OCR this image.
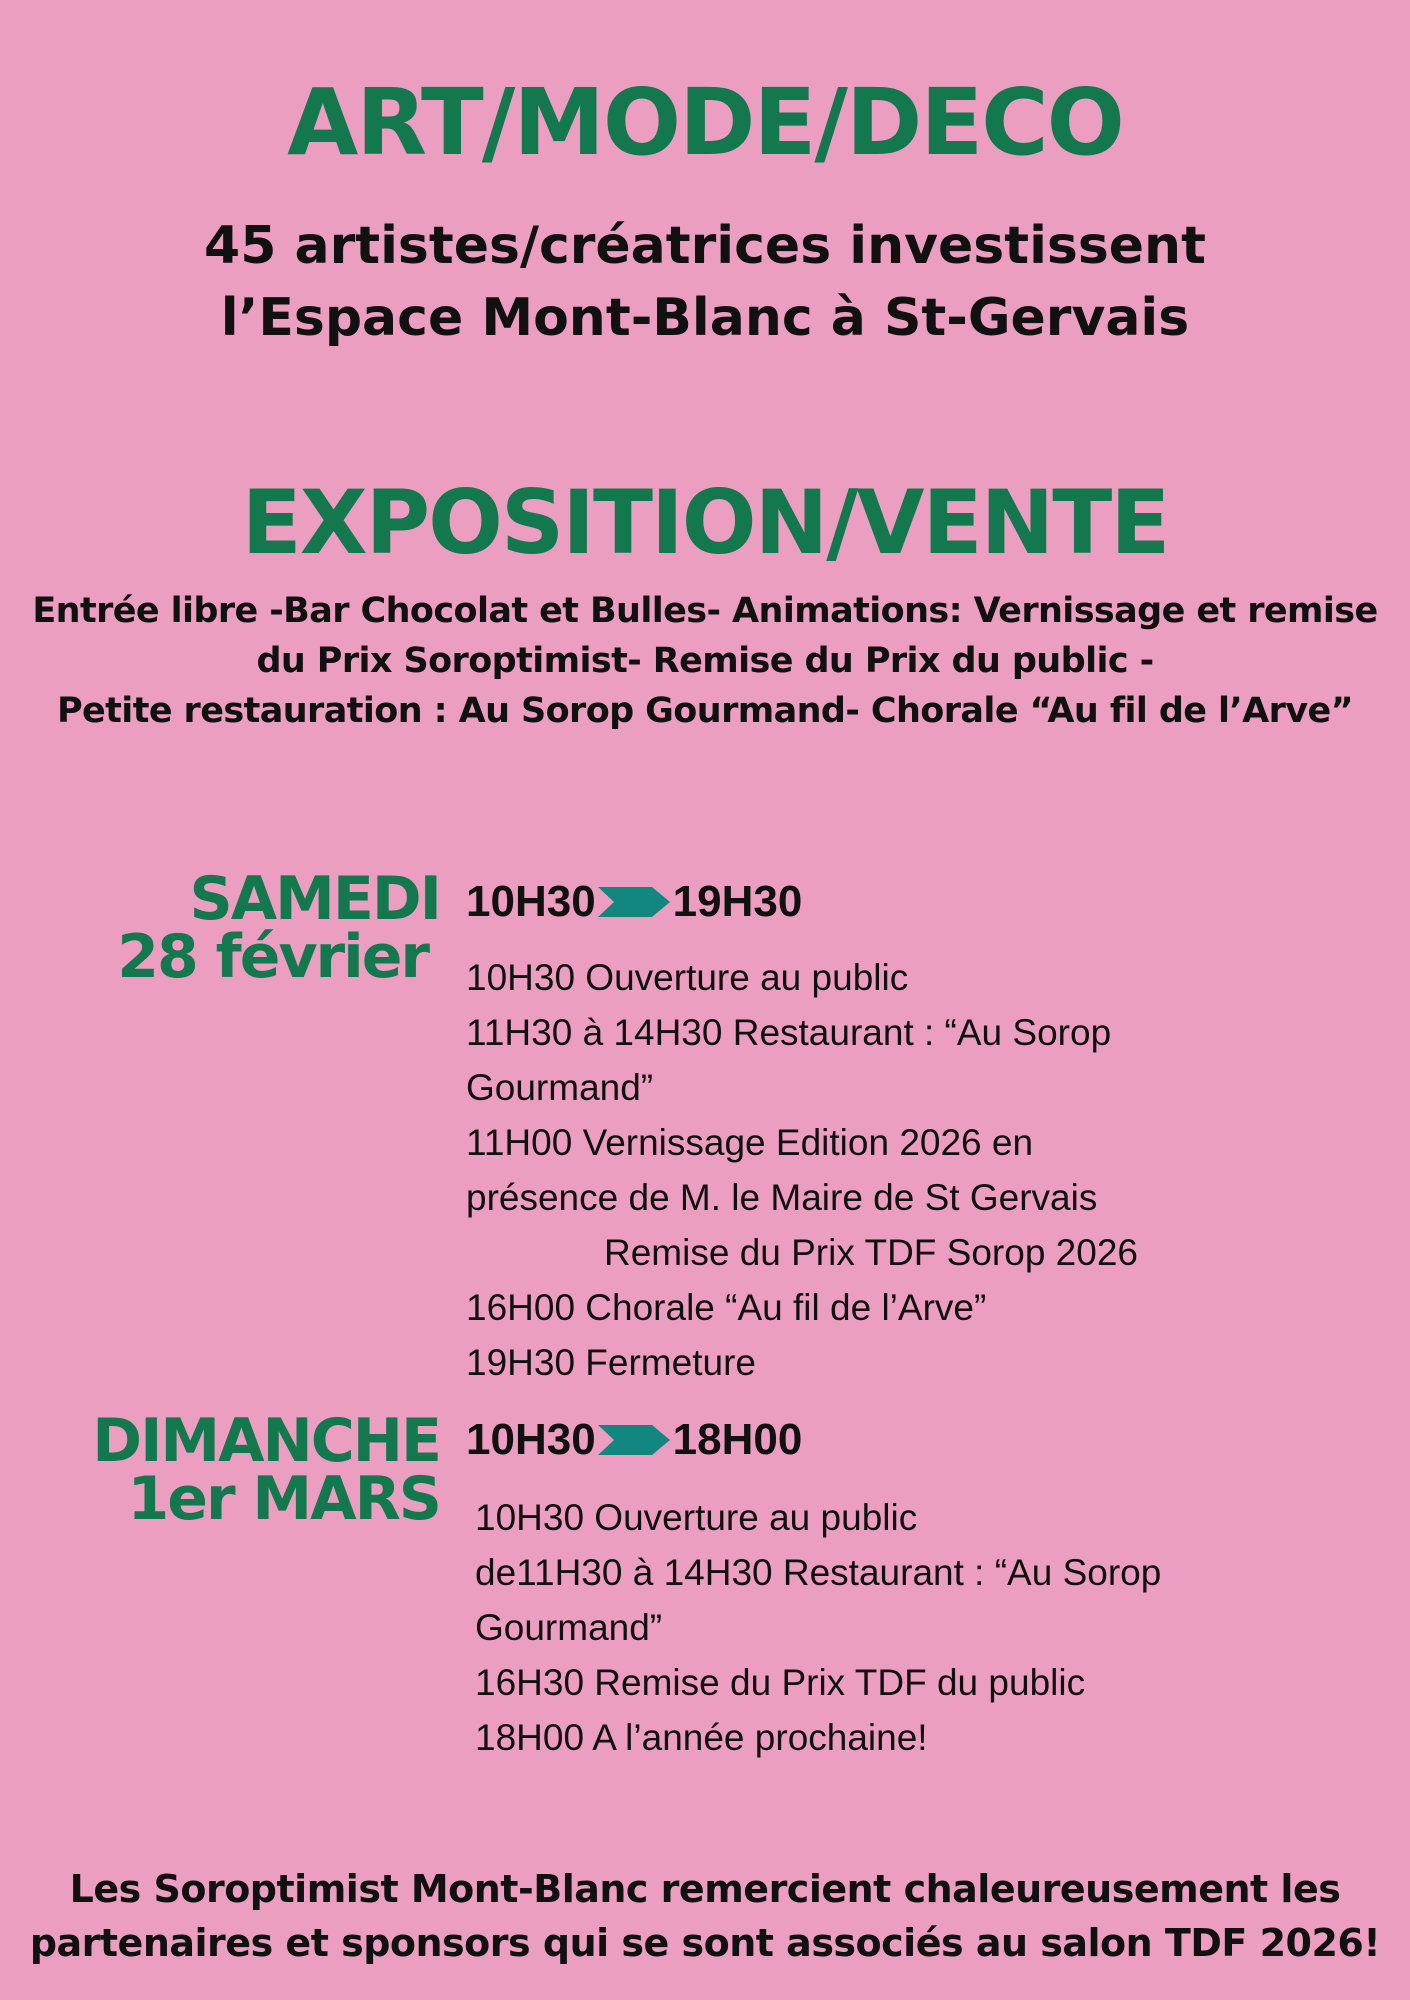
ART/MODE/DECO
45 artistes/créatrices investissent
l’Espace Mont-Blanc à St-Gervais
EXPOSITION/VENTE
Entrée libre -Bar Chocolat et Bulles- Animations: Vernissage et remise
du Prix Soroptimist- Remise du Prix du public -
Petite restauration : Au Sorop Gourmand- Chorale “Au fil de l’Arve”
SAMEDI
28 février
10H30 19H30
10H30 Ouverture au public
11H30 à 14H30 Restaurant : “Au Sorop
Gourmand”
11H00 Vernissage Edition 2026 en
présence de M. le Maire de St Gervais
Remise du Prix TDF Sorop 2026
16H00 Chorale “Au fil de l’Arve”
19H30 Fermeture
DIMANCHE
1er MARS
10H30 18H00
10H30 Ouverture au public
de11H30 à 14H30 Restaurant : “Au Sorop
Gourmand”
16H30 Remise du Prix TDF du public
18H00 A l’année prochaine!
Les Soroptimist Mont-Blanc remercient chaleureusement les
partenaires et sponsors qui se sont associés au salon TDF 2026!
